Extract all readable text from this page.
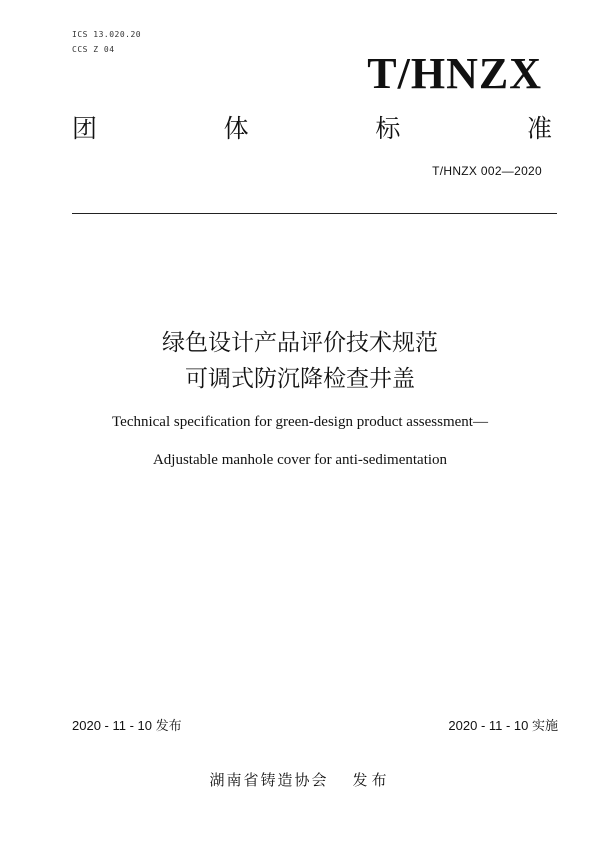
ICS 13.020.20
CCS Z 04	T/HNZX
团	体	标	准
T/HNZX 002—2020
绿色设计产品评价技术规范
可调式防沉降检查井盖
Technical specification for green-design product assessment—
Adjustable manhole cover for anti-sedimentation
2020 - 11 - 10 发布	2020 - 11 - 10 实施
湖南省铸造协会 发布
